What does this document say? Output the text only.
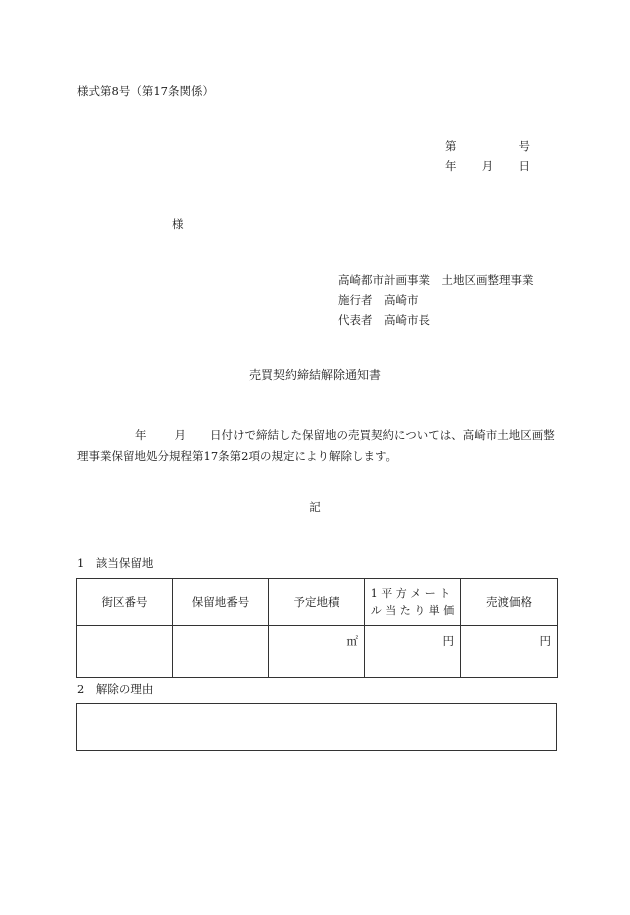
様式第8号（第17条関係）
第	号
年 月 日
様
高崎都市計画事業　土地区画整理事業
施行者　高崎市
代表者　高崎市長
売買契約締結解除通知書
年 月 日付けで締結した保留地の売買契約については、高崎市土地区画整理事業保留地処分規程第17条第2項の規定により解除します。
記
1　該当保留地
街区番号	保留地番号	予定地積	1 平 方 メ ー ト
ル 当 た り 単 価	売渡価格
		㎡	円	円
2　解除の理由
